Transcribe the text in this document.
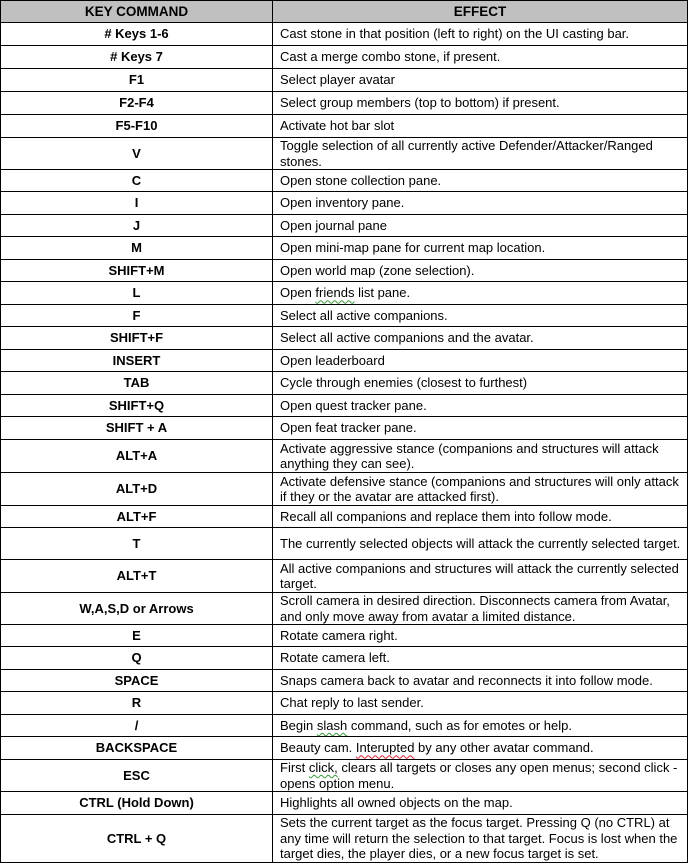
KEY COMMAND	EFFECT
# Keys 1-6	Cast stone in that position (left to right) on the UI casting bar.
# Keys 7	Cast a merge combo stone, if present.
F1	Select player avatar
F2-F4	Select group members (top to bottom) if present.
F5-F10	Activate hot bar slot
V	Toggle selection of all currently active Defender/Attacker/Ranged stones.
C	Open stone collection pane.
I	Open inventory pane.
J	Open journal pane
M	Open mini-map pane for current map location.
SHIFT+M	Open world map (zone selection).
L	Open friends list pane.
F	Select all active companions.
SHIFT+F	Select all active companions and the avatar.
INSERT	Open leaderboard
TAB	Cycle through enemies (closest to furthest)
SHIFT+Q	Open quest tracker pane.
SHIFT + A	Open feat tracker pane.
ALT+A	Activate aggressive stance (companions and structures will attack anything they can see).
ALT+D	Activate defensive stance (companions and structures will only attack if they or the avatar are attacked first).
ALT+F	Recall all companions and replace them into follow mode.
T	The currently selected objects will attack the currently selected target.
ALT+T	All active companions and structures will attack the currently selected target.
W,A,S,D or Arrows	Scroll camera in desired direction. Disconnects camera from Avatar, and only move away from avatar a limited distance.
E	Rotate camera right.
Q	Rotate camera left.
SPACE	Snaps camera back to avatar and reconnects it into follow mode.
R	Chat reply to last sender.
/	Begin slash command, such as for emotes or help.
BACKSPACE	Beauty cam. Interupted by any other avatar command.
ESC	First click, clears all targets or closes any open menus; second click - opens option menu.
CTRL (Hold Down)	Highlights all owned objects on the map.
CTRL + Q	Sets the current target as the focus target. Pressing Q (no CTRL) at any time will return the selection to that target. Focus is lost when the target dies, the player dies, or a new focus target is set.
